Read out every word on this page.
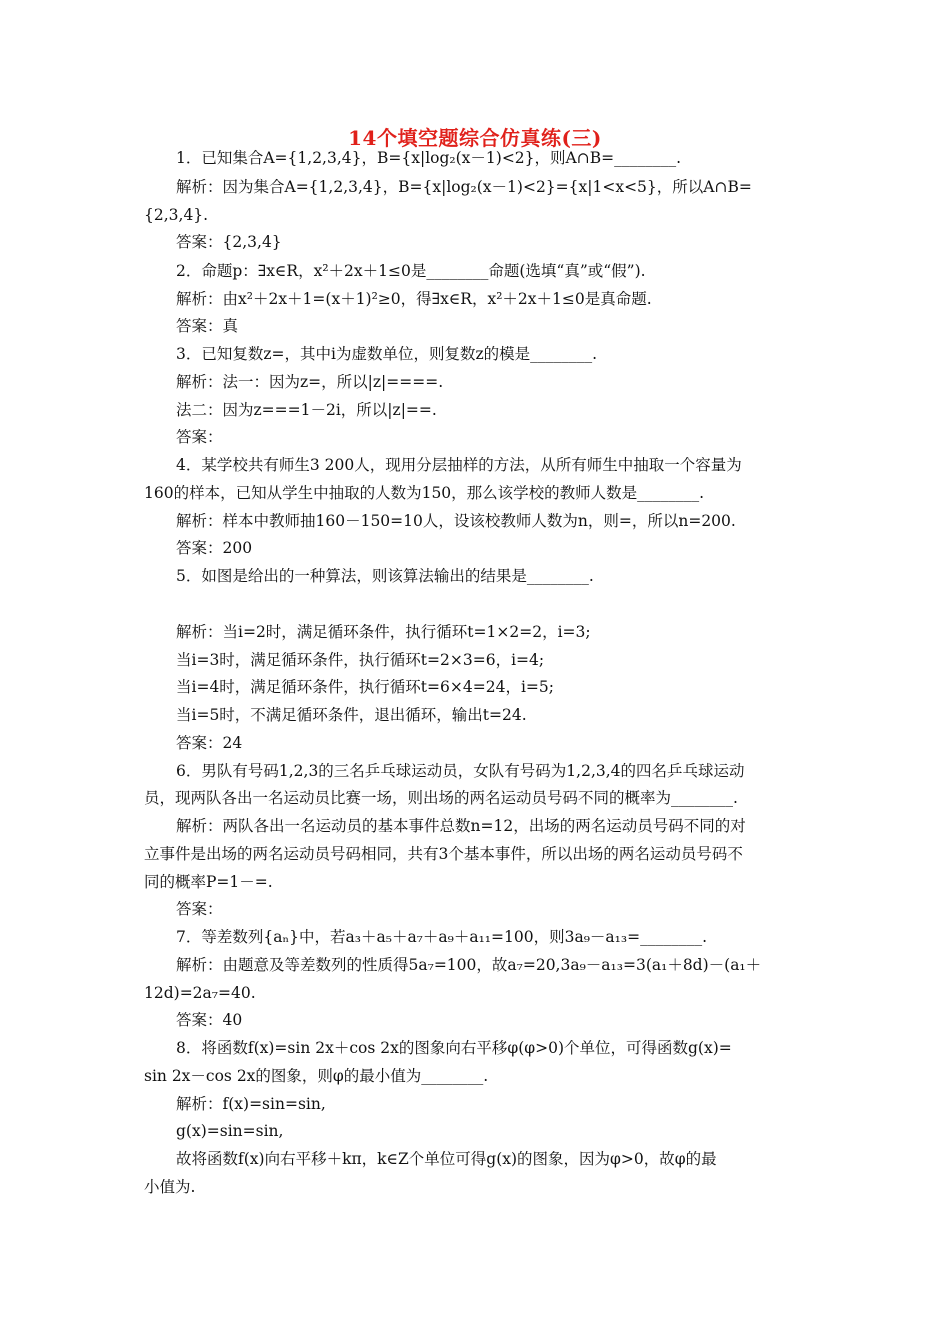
14个填空题综合仿真练(三)
1．已知集合A={1,2,3,4}，B={x|log₂(x－1)<2}，则A∩B=________.
解析：因为集合A={1,2,3,4}，B={x|log₂(x－1)<2}={x|1<x<5}，所以A∩B=
{2,3,4}.
答案：{2,3,4}
2．命题p：∃x∈R，x²＋2x＋1≤0是________命题(选填“真”或“假”).
解析：由x²＋2x＋1=(x＋1)²≥0，得∃x∈R，x²＋2x＋1≤0是真命题.
答案：真
3．已知复数z=，其中i为虚数单位，则复数z的模是________.
解析：法一：因为z=，所以|z|====.
法二：因为z===1－2i，所以|z|==.
答案：
4．某学校共有师生3 200人，现用分层抽样的方法，从所有师生中抽取一个容量为
160的样本，已知从学生中抽取的人数为150，那么该学校的教师人数是________.
解析：样本中教师抽160－150=10人，设该校教师人数为n，则=，所以n=200.
答案：200
5．如图是给出的一种算法，则该算法输出的结果是________.
解析：当i=2时，满足循环条件，执行循环t=1×2=2，i=3;
当i=3时，满足循环条件，执行循环t=2×3=6，i=4;
当i=4时，满足循环条件，执行循环t=6×4=24，i=5;
当i=5时，不满足循环条件，退出循环，输出t=24.
答案：24
6．男队有号码1,2,3的三名乒乓球运动员，女队有号码为1,2,3,4的四名乒乓球运动
员，现两队各出一名运动员比赛一场，则出场的两名运动员号码不同的概率为________.
解析：两队各出一名运动员的基本事件总数n=12，出场的两名运动员号码不同的对
立事件是出场的两名运动员号码相同，共有3个基本事件，所以出场的两名运动员号码不
同的概率P=1－=.
答案：
7．等差数列{aₙ}中，若a₃＋a₅＋a₇＋a₉＋a₁₁=100，则3a₉－a₁₃=________.
解析：由题意及等差数列的性质得5a₇=100，故a₇=20,3a₉－a₁₃=3(a₁＋8d)－(a₁＋
12d)=2a₇=40.
答案：40
8．将函数f(x)=sin 2x＋cos 2x的图象向右平移φ(φ>0)个单位，可得函数g(x)=
sin 2x－cos 2x的图象，则φ的最小值为________.
解析：f(x)=sin=sin,
g(x)=sin=sin,
故将函数f(x)向右平移＋kπ，k∈Z个单位可得g(x)的图象，因为φ>0，故φ的最
小值为.
